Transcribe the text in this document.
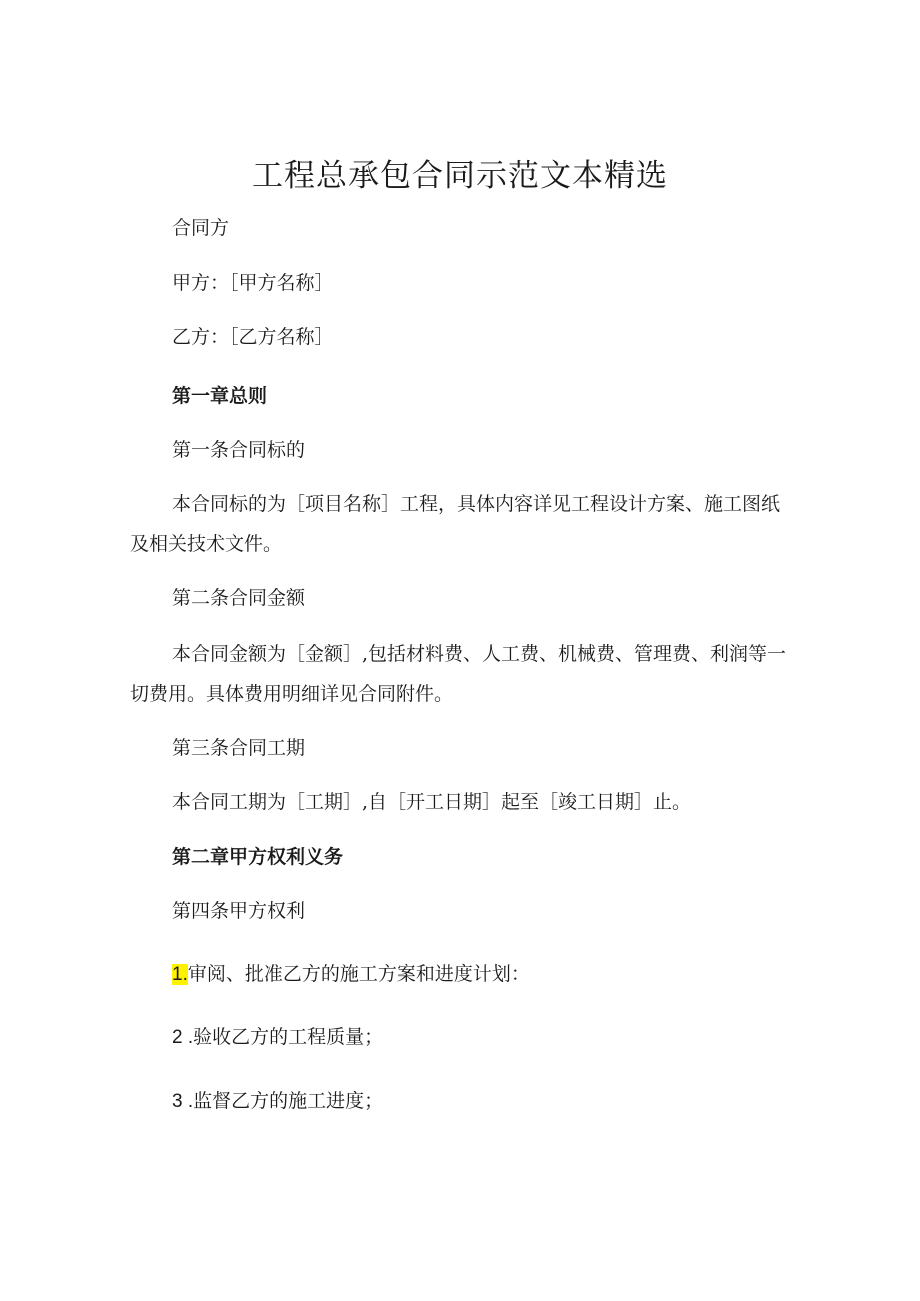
工程总承包合同示范文本精选
合同方
甲方：［甲方名称］
乙方：［乙方名称］
第一章总则
第一条合同标的
本合同标的为［项目名称］工程，具体内容详见工程设计方案、施工图纸及相关技术文件。
第二条合同金额
本合同金额为［金额］,包括材料费、人工费、机械费、管理费、利润等一切费用。具体费用明细详见合同附件。
第三条合同工期
本合同工期为［工期］,自［开工日期］起至［竣工日期］止。
第二章甲方权利义务
第四条甲方权利
1.审阅、批准乙方的施工方案和进度计划：
2 .验收乙方的工程质量；
3 .监督乙方的施工进度；
